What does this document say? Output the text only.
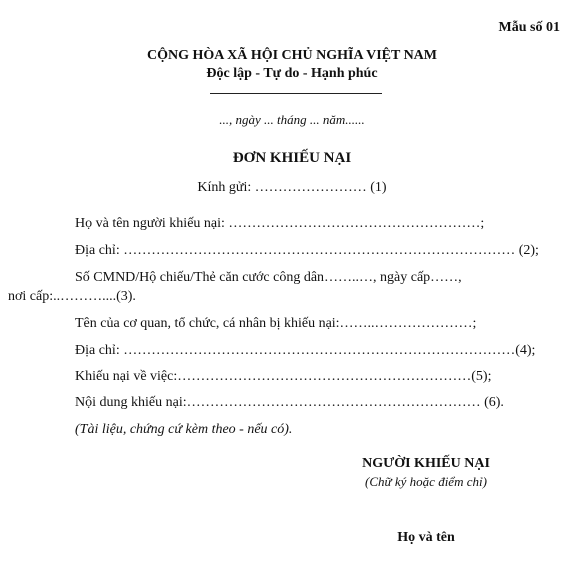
Mẫu số 01
CỘNG HÒA XÃ HỘI CHỦ NGHĨA VIỆT NAM
Độc lập - Tự do - Hạnh phúc
..., ngày ... tháng ... năm......
ĐƠN KHIẾU NẠI
Kính gửi: …………………… (1)
Họ và tên người khiếu nại: ………………………………………………;
Địa chỉ: ………………………………………………………………………… (2);
Số CMND/Hộ chiếu/Thẻ căn cước công dân……..…, ngày cấp……,
nơi cấp:..………....(3).
Tên của cơ quan, tổ chức, cá nhân bị khiếu nại:……..…………………;
Địa chỉ: …………………………………………………………………………(4);
Khiếu nại về việc:………………………………………………………(5);
Nội dung khiếu nại:……………………………………………………… (6).
(Tài liệu, chứng cứ kèm theo - nếu có).
NGƯỜI KHIẾU NẠI
(Chữ ký hoặc điểm chỉ)
Họ và tên
